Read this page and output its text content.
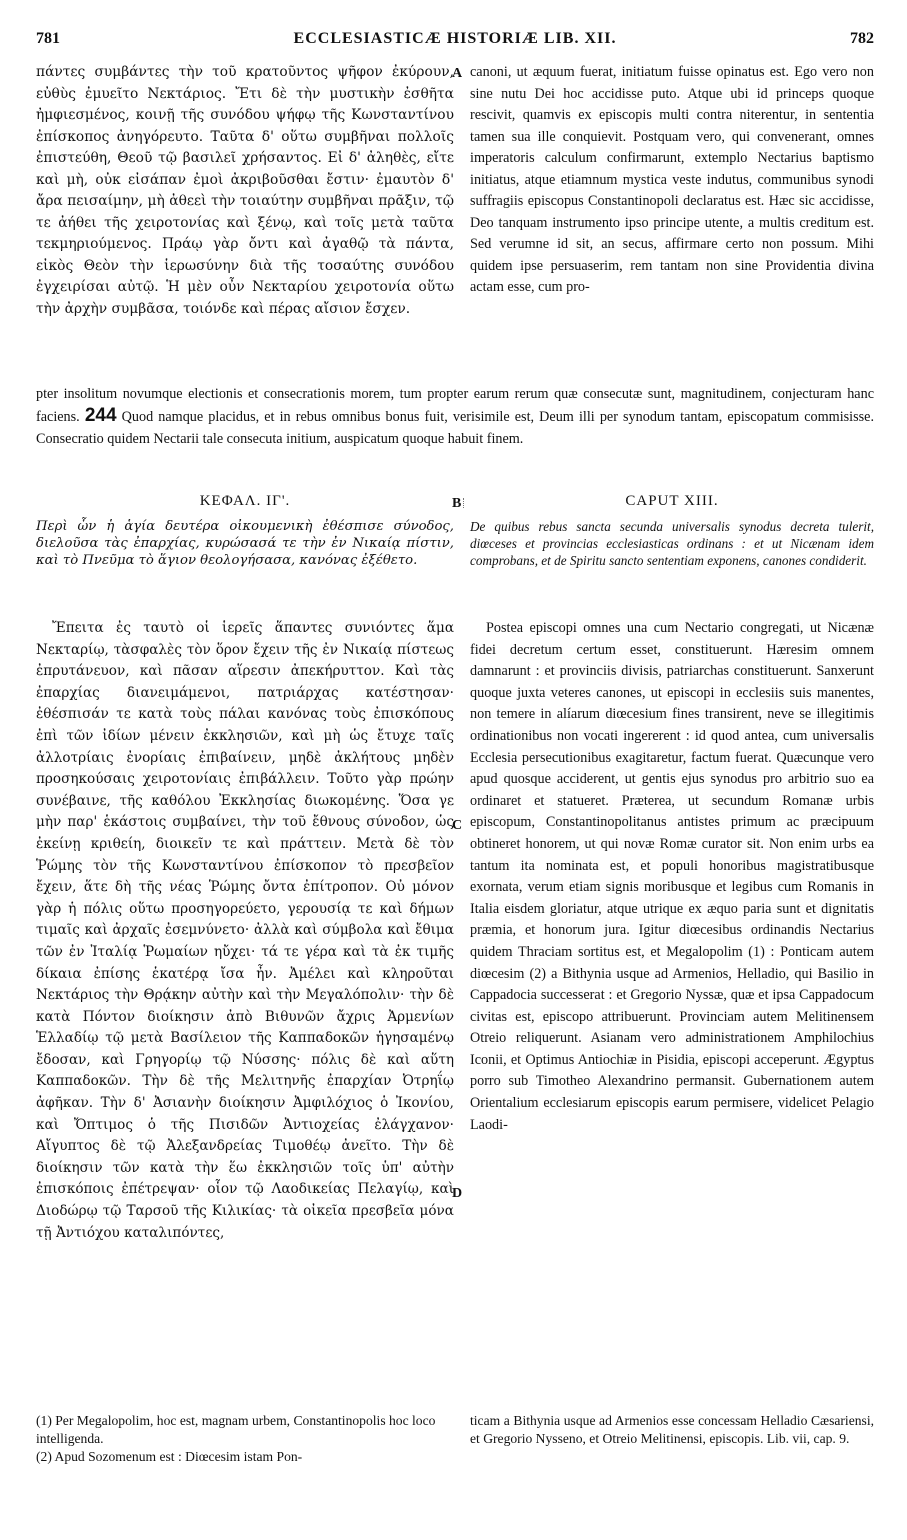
781	ECCLESIASTICÆ HISTORIÆ LIB. XII.	782

πάντες συμβάντες τὴν τοῦ κρατοῦντος ψῆφον ἐκύρουν, εὐθὺς ἐμυεῖτο Νεκτάριος. Ἔτι δὲ τὴν μυστικὴν ἐσθῆτα ἠμφιεσμένος, κοινῇ τῆς συνόδου ψήφῳ τῆς Κωνσταντίνου ἐπίσκοπος ἀνηγόρευτο. Ταῦτα δ' οὕτω συμβῆναι πολλοῖς ἐπιστεύθη, Θεοῦ τῷ βασιλεῖ χρήσαντος. Εἰ δ' ἀληθὲς, εἴτε καὶ μὴ, οὐκ εἰσάπαν ἐμοὶ ἀκριβοῦσθαι ἔστιν· ἐμαυτὸν δ' ἄρα πεισαίμην, μὴ ἀθεεὶ τὴν τοιαύτην συμβῆναι πρᾶξιν, τῷ τε ἀήθει τῆς χειροτονίας καὶ ξένῳ, καὶ τοῖς μετὰ ταῦτα τεκμηριούμενος. Πράῳ γὰρ ὄντι καὶ ἀγαθῷ τὰ πάντα, εἰκὸς Θεὸν τὴν ἱερωσύνην διὰ τῆς τοσαύτης συνόδου ἐγχειρίσαι αὐτῷ. Ἡ μὲν οὖν Νεκταρίου χειροτονία οὕτω τὴν ἀρχὴν συμβᾶσα, τοιόνδε καὶ πέρας αἴσιον ἔσχεν.

A canoni, ut æquum fuerat, initiatum fuisse opinatus est. Ego vero non sine nutu Dei hoc accidisse puto. Atque ubi id princeps quoque rescivit, quamvis ex episcopis multi contra niterentur, in sententia tamen sua ille conquievit. Postquam vero, qui convenerant, omnes imperatoris calculum confirmarunt, extemplo Nectarius baptismo initiatus, atque etiamnum mystica veste indutus, communibus synodi suffragiis episcopus Constantinopoli declaratus est. Hæc sic accidisse, Deo tanquam instrumento ipso principe utente, a multis creditum est. Sed verumne id sit, an secus, affirmare certo non possum. Mihi quidem ipse persuaserim, rem tantam non sine Providentia divina actam esse, cum pro-

pter insolitum novumque electionis et consecrationis morem, tum propter earum rerum quæ consecutæ sunt, magnitudinem, conjecturam hanc faciens. 244 Quod namque placidus, et in rebus omnibus bonus fuit, verisimile est, Deum illi per synodum tantam, episcopatum commisisse. Consecratio quidem Nectarii tale consecuta initium, auspicatum quoque habuit finem.

ΚΕΦΑΛ. ΙΓ'.	B	CAPUT XIII.
Περὶ ὧν ἡ ἁγία δευτέρα οἰκουμενικὴ ἐθέσπισε σύνοδος, διελοῦσα τὰς ἐπαρχίας, κυρώσασά τε τὴν ἐν Νικαίᾳ πίστιν, καὶ τὸ Πνεῦμα τὸ ἅγιον θεολογήσασα, κανόνας ἐξέθετο.
De quibus rebus sancta secunda universalis synodus decreta tulerit, diœceses et provincias ecclesiasticas ordinans : et ut Nicænam idem comprobans, et de Spiritu sancto sententiam exponens, canones condiderit.

Ἔπειτα ἐς ταυτὸ οἱ ἱερεῖς ἅπαντες συνιόντες ἅμα Νεκταρίῳ, τὰσφαλὲς τὸν ὅρον ἔχειν τῆς ἐν Νικαίᾳ πίστεως ἐπρυτάνευον, καὶ πᾶσαν αἵρεσιν ἀπεκήρυττον. Καὶ τὰς ἐπαρχίας διανειμάμενοι, πατριάρχας κατέστησαν· ἐθέσπισάν τε κατὰ τοὺς πάλαι κανόνας τοὺς ἐπισκόπους ἐπὶ τῶν ἰδίων μένειν ἐκκλησιῶν, καὶ μὴ ὡς ἔτυχε ταῖς ἀλλοτρίαις ἐνορίαις ἐπιβαίνειν, μηδὲ ἀκλήτους μηδὲν προσηκούσαις χειροτονίαις ἐπιβάλλειν. Τοῦτο γὰρ πρώην συνέβαινε, τῆς καθόλου Ἐκκλησίας διωκομένης. Ὅσα γε μὴν παρ' ἑκάστοις συμβαίνει, τὴν τοῦ ἔθνους σύνοδον, ὡς ἐκείνῃ κριθείη, διοικεῖν τε καὶ πράττειν. Μετὰ δὲ τὸν Ῥώμης τὸν τῆς Κωνσταντίνου ἐπίσκοπον τὸ πρεσβεῖον ἔχειν, ἅτε δὴ τῆς νέας Ῥώμης ὄντα ἐπίτροπον. Οὐ μόνον γὰρ ἡ πόλις οὕτω προσηγορεύετο, γερουσίᾳ τε καὶ δήμων τιμαῖς καὶ ἀρχαῖς ἐσεμνύνετο· ἀλλὰ καὶ σύμβολα καὶ ἔθιμα τῶν ἐν Ἰταλίᾳ Ῥωμαίων ηὔχει· τά τε γέρα καὶ τὰ ἐκ τιμῆς δίκαια ἐπίσης ἑκατέρᾳ ἴσα ἦν. Ἀμέλει καὶ κληροῦται Νεκτάριος τὴν Θρᾴκην αὐτὴν καὶ τὴν Μεγαλόπολιν· τὴν δὲ κατὰ Πόντον διοίκησιν ἀπὸ Βιθυνῶν ἄχρις Ἀρμενίων Ἑλλαδίῳ τῷ μετὰ Βασίλειον τῆς Καππαδοκῶν ἡγησαμένῳ ἔδοσαν, καὶ Γρηγορίῳ τῷ Νύσσης· πόλις δὲ καὶ αὕτη Καππαδοκῶν. Τὴν δὲ τῆς Μελιτηνῆς ἐπαρχίαν Ὀτρηΐῳ ἀφῆκαν. Τὴν δ' Ἀσιανὴν διοίκησιν Ἀμφιλόχιος ὁ Ἰκονίου, καὶ Ὄπτιμος ὁ τῆς Πισιδῶν Ἀντιοχείας ἐλάγχανον· Αἴγυπτος δὲ τῷ Ἀλεξανδρείας Τιμοθέῳ ἀνεῖτο. Τὴν δὲ διοίκησιν τῶν κατὰ τὴν ἕω ἐκκλησιῶν τοῖς ὑπ' αὐτὴν ἐπισκόποις ἐπέτρεψαν· οἷον τῷ Λαοδικείας Πελαγίῳ, καὶ Διοδώρῳ τῷ Ταρσοῦ τῆς Κιλικίας· τὰ οἰκεῖα πρεσβεῖα μόνα τῇ Ἀντιόχου καταλιπόντες,

C
D

Postea episcopi omnes una cum Nectario congregati, ut Nicænæ fidei decretum certum esset, constituerunt. Hæresim omnem damnarunt : et provinciis divisis, patriarchas constituerunt. Sanxerunt quoque juxta veteres canones, ut episcopi in ecclesiis suis manentes, non temere in alíarum diœcesium fines transirent, neve se illegitimis ordinationibus non vocati ingererent : id quod antea, cum universalis Ecclesia persecutionibus exagitaretur, factum fuerat. Quæcunque vero apud quosque acciderent, ut gentis ejus synodus pro arbitrio suo ea ordinaret et statueret. Præterea, ut secundum Romanæ urbis episcopum, Constantinopolitanus antistes primum ac præcipuum obtineret honorem, ut qui novæ Romæ curator sit. Non enim urbs ea tantum ita nominata est, et populi honoribus magistratibusque exornata, verum etiam signis moribusque et legibus cum Romanis in Italia eisdem gloriatur, atque utrique ex æquo paria sunt et dignitatis præmia, et honorum jura. Igitur diœcesibus ordinandis Nectarius quidem Thraciam sortitus est, et Megalopolim (1) : Ponticam autem diœcesim (2) a Bithynia usque ad Armenios, Helladio, qui Basilio in Cappadocia successerat : et Gregorio Nyssæ, quæ et ipsa Cappadocum civitas est, episcopo attribuerunt. Provinciam autem Melitinensem Otreio reliquerunt. Asianam vero administrationem Amphilochius Iconii, et Optimus Antiochiæ in Pisidia, episcopi acceperunt. Ægyptus porro sub Timotheo Alexandrino permansit. Gubernationem autem Orientalium ecclesiarum episcopis earum permisere, videlicet Pelagio Laodi-

(1) Per Megalopolim, hoc est, magnam urbem, Constantinopolis hoc loco intelligenda.

(2) Apud Sozomenum est : Diœcesim istam Pon-

ticam a Bithynia usque ad Armenios esse concessam Helladio Cæsariensi, et Gregorio Nysseno, et Otreio Melitinensi, episcopis. Lib. vii, cap. 9.
